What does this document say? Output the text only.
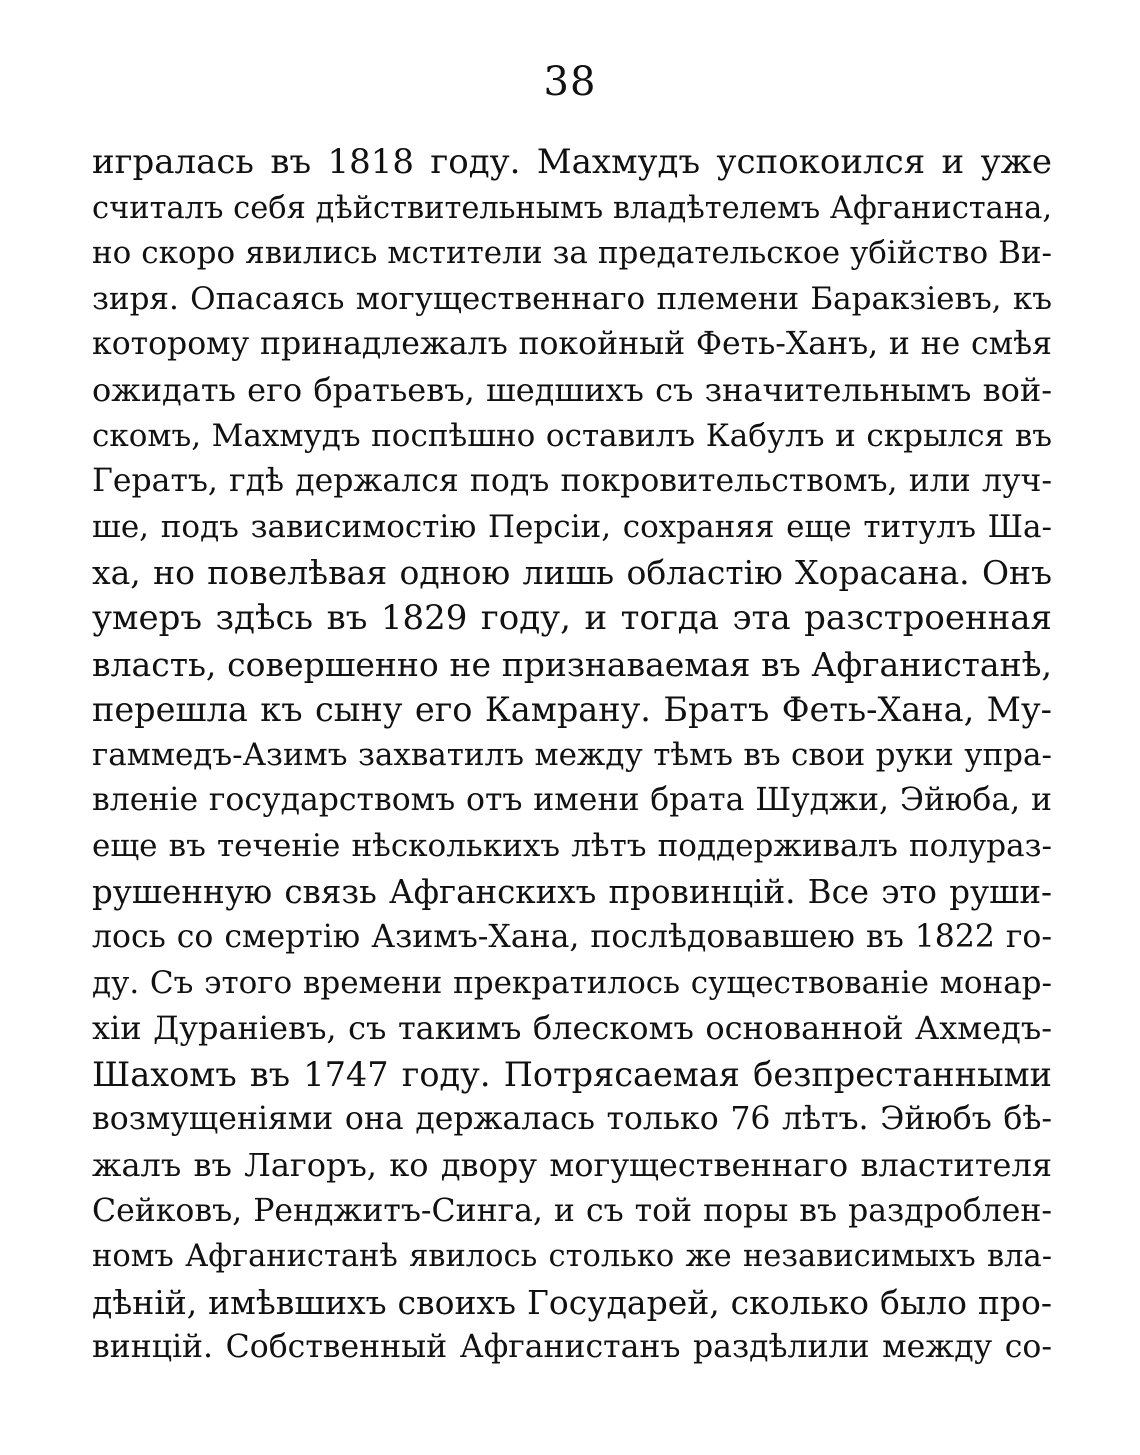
38
игралась въ 1818 году. Махмудъ успокоился и уже
считалъ себя дѣйствительнымъ владѣтелемъ Афганистана,
но скоро явились мстители за предательское убійство Ви-
зиря. Опасаясь могущественнаго племени Баракзіевъ, къ
которому принадлежалъ покойный Феть-Ханъ, и не смѣя
ожидать его братьевъ, шедшихъ съ значительнымъ вой-
скомъ, Махмудъ поспѣшно оставилъ Кабулъ и скрылся въ
Гератъ, гдѣ держался подъ покровительствомъ, или луч-
ше, подъ зависимостію Персіи, сохраняя еще титулъ Ша-
ха, но повелѣвая одною лишь областію Хорасана. Онъ
умеръ здѣсь въ 1829 году, и тогда эта разстроенная
власть, совершенно не признаваемая въ Афганистанѣ,
перешла къ сыну его Камрану. Братъ Феть-Хана, Му-
гаммедъ-Азимъ захватилъ между тѣмъ въ свои руки упра-
вленіе государствомъ отъ имени брата Шуджи, Эйюба, и
еще въ теченіе нѣсколькихъ лѣтъ поддерживалъ полураз-
рушенную связь Афганскихъ провинцій. Все это руши-
лось со смертію Азимъ-Хана, послѣдовавшею въ 1822 го-
ду. Съ этого времени прекратилось существованіе монар-
хіи Дураніевъ, съ такимъ блескомъ основанной Ахмедъ-
Шахомъ въ 1747 году. Потрясаемая безпрестанными
возмущеніями она держалась только 76 лѣтъ. Эйюбъ бѣ-
жалъ въ Лагоръ, ко двору могущественнаго властителя
Сейковъ, Ренджитъ-Синга, и съ той поры въ раздроблен-
номъ Афганистанѣ явилось столько же независимыхъ вла-
дѣній, имѣвшихъ своихъ Государей, сколько было про-
винцій. Собственный Афганистанъ раздѣлили между со-
